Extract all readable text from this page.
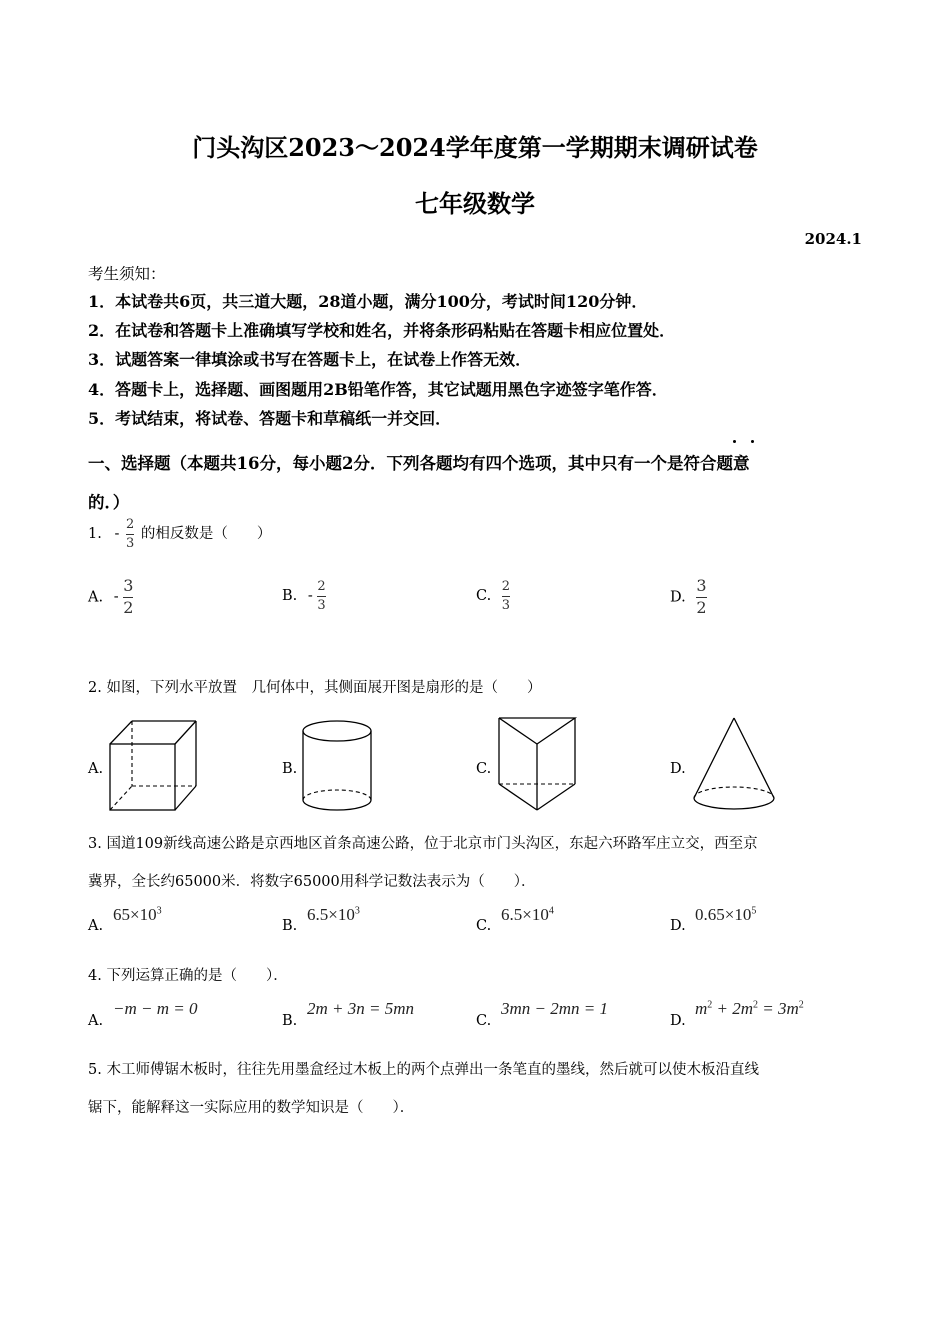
门头沟区2023～2024学年度第一学期期末调研试卷
七年级数学
2024.1
考生须知：
1．本试卷共6页，共三道大题，28道小题，满分100分，考试时间120分钟．
2．在试卷和答题卡上准确填写学校和姓名，并将条形码粘贴在答题卡相应位置处．
3．试题答案一律填涂或书写在答题卡上，在试卷上作答无效．
4．答题卡上，选择题、画图题用2B铅笔作答，其它试题用黑色字迹签字笔作答．
5．考试结束，将试卷、答题卡和草稿纸一并交回．
一、选择题（本题共16分，每小题2分．下列各题均有四个选项，其中只有一个是符合题意
的．）
1. - $\frac{2}{3}$ 的相反数是（　　）
A. - $\frac{3}{2}$	B. - $\frac{2}{3}$	C. $\frac{2}{3}$	D. $\frac{3}{2}$
2. 如图，下列水平放置　几何体中，其侧面展开图是扇形的是（　　）
A.	B.	C.	D.
3. 国道109新线高速公路是京西地区首条高速公路，位于北京市门头沟区，东起六环路军庄立交，西至京
冀界，全长约65000米．将数字65000用科学记数法表示为（　　）．
A.
$65\times 10^3$
B.
$6.5\times 10^3$
C.
$6.5\times 10^4$
D.
$0.65\times 10^5$
4. 下列运算正确的是（　　）．
A.
−m − m = 0
B.
2m + 3n = 5mn
C.
3mn − 2mn = 1
D.
$m^2 + 2m^2 = 3m^2$
5. 木工师傅锯木板时，往往先用墨盒经过木板上的两个点弹出一条笔直的墨线，然后就可以使木板沿直线
锯下，能解释这一实际应用的数学知识是（　　）．
